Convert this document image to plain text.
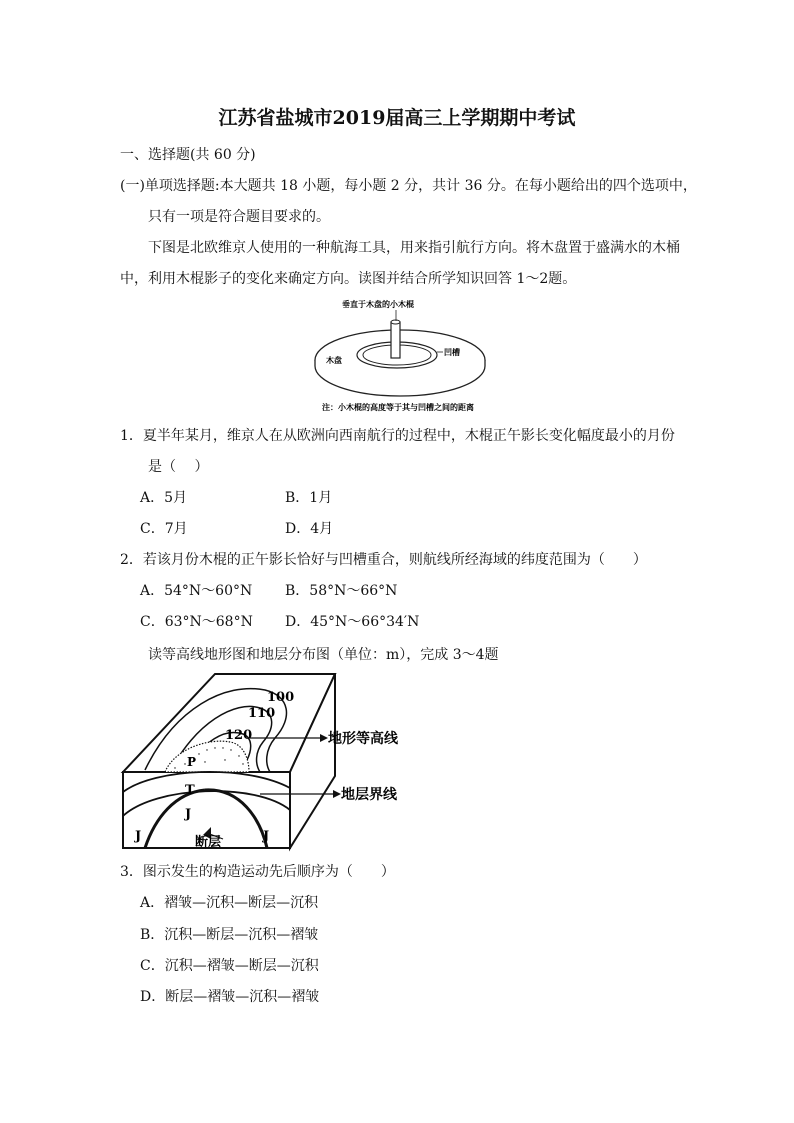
江苏省盐城市2019届高三上学期期中考试
一、选择题(共 60 分)
(一)单项选择题:本大题共 18 小题，每小题 2 分，共计 36 分。在每小题给出的四个选项中，
只有一项是符合题目要求的。
下图是北欧维京人使用的一种航海工具，用来指引航行方向。将木盘置于盛满水的木桶
中，利用木棍影子的变化来确定方向。读图并结合所学知识回答 1～2题。
垂直于木盘的小木棍
凹槽
木盘
注：小木棍的高度等于其与凹槽之间的距离
1．夏半年某月，维京人在从欧洲向西南航行的过程中，木棍正午影长变化幅度最小的月份
是（　 ）
A．5月	B．1月
C．7月	D．4月
2．若该月份木棍的正午影长恰好与凹槽重合，则航线所经海域的纬度范围为（　　）
A．54°N～60°N B．58°N～66°N
C．63°N～68°N D．45°N～66°34′N
读等高线地形图和地层分布图（单位：m），完成 3～4题
100
110
120	地形等高线
地层界线
P
T
J
J	J
断层
3．图示发生的构造运动先后顺序为（　　）
A．褶皱—沉积—断层—沉积
B．沉积—断层—沉积—褶皱
C．沉积—褶皱—断层—沉积
D．断层—褶皱—沉积—褶皱
